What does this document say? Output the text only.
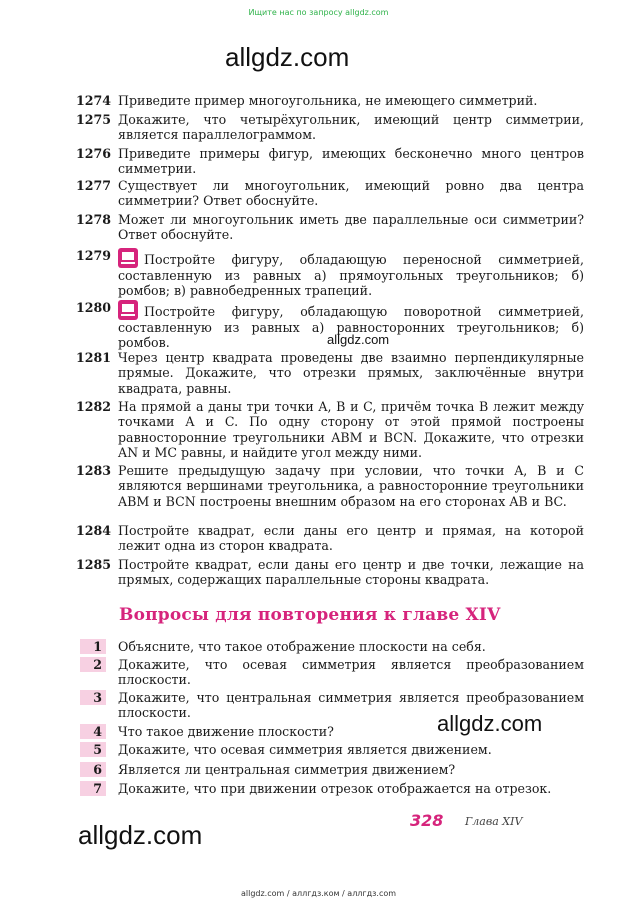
Ищите нас по запросу allgdz.com
allgdz.com
1274 Приведите пример многоугольника, не имеющего симметрий.
1275 Докажите, что четырёхугольник, имеющий центр симметрии, является параллелограммом.
1276 Приведите примеры фигур, имеющих бесконечно много центров симметрии.
1277 Существует ли многоугольник, имеющий ровно два центра симметрии? Ответ обоснуйте.
1278 Может ли многоугольник иметь две параллельные оси симметрии? Ответ обоснуйте.
1279	Постройте фигуру, обладающую переносной симметрией, составленную из равных а) прямоугольных треугольников; б) ромбов; в) равнобедренных трапеций.
1280	Постройте фигуру, обладающую поворотной симметрией, составленную из равных а) равносторонних треугольников; б) ромбов.	allgdz.com
1281 Через центр квадрата проведены две взаимно перпендикулярные прямые. Докажите, что отрезки прямых, заключённые внутри квадрата, равны.
1282 На прямой a даны три точки A, B и C, причём точка B лежит между точками A и C. По одну сторону от этой прямой построены равносторонние треугольники ABM и BCN. Докажите, что отрезки AN и MC равны, и найдите угол между ними.
1283 Решите предыдущую задачу при условии, что точки A, B и C являются вершинами треугольника, а равносторонние треугольники ABM и BCN построены внешним образом на его сторонах AB и BC.
1284 Постройте квадрат, если даны его центр и прямая, на которой лежит одна из сторон квадрата.
1285 Постройте квадрат, если даны его центр и две точки, лежащие на прямых, содержащих параллельные стороны квадрата.
Вопросы для повторения к главе XIV
1	Объясните, что такое отображение плоскости на себя.
2	Докажите, что осевая симметрия является преобразованием плоскости.
3	Докажите, что центральная симметрия является преобразованием плоскости.	allgdz.com
4	Что такое движение плоскости?
5	Докажите, что осевая симметрия является движением.
6	Является ли центральная симметрия движением?
7	Докажите, что при движении отрезок отображается на отрезок.
328 Глава XIV
allgdz.com
allgdz.com / аллгдз.ком / аллгдз.com
